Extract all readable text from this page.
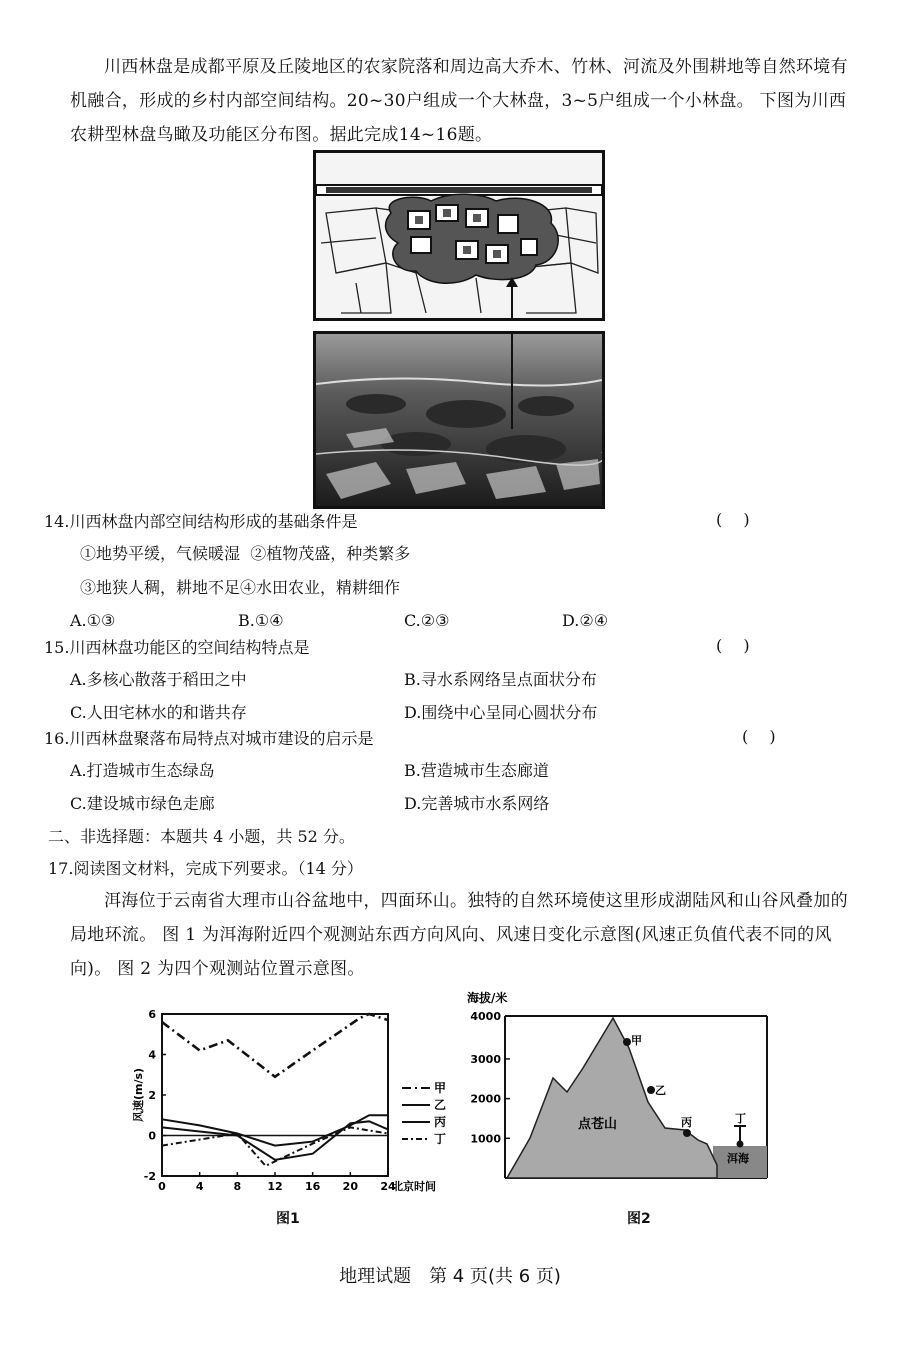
川西林盘是成都平原及丘陵地区的农家院落和周边高大乔木、竹林、河流及外围耕地等自然环境有机融合，形成的乡村内部空间结构。20~30户组成一个大林盘，3~5户组成一个小林盘。 下图为川西农耕型林盘鸟瞰及功能区分布图。据此完成14~16题。

14.川西林盘内部空间结构形成的基础条件是	( )
①地势平缓，气候暖湿 ②植物茂盛，种类繁多
③地狭人稠，耕地不足④水田农业，精耕细作
A.①③	B.①④	C.②③	D.②④
15.川西林盘功能区的空间结构特点是	( )
A.多核心散落于稻田之中	B.寻水系网络呈点面状分布
C.人田宅林水的和谐共存	D.围绕中心呈同心圆状分布
16.川西林盘聚落布局特点对城市建设的启示是	( )
A.打造城市生态绿岛	B.营造城市生态廊道
C.建设城市绿色走廊	D.完善城市水系网络
二、非选择题：本题共 4 小题，共 52 分。
17.阅读图文材料，完成下列要求。（14 分）

洱海位于云南省大理市山谷盆地中，四面环山。独特的自然环境使这里形成湖陆风和山谷风叠加的局地环流。 图 1 为洱海附近四个观测站东西方向风向、风速日变化示意图(风速正负值代表不同的风向)。 图 2 为四个观测站位置示意图。

6
4
2
0
-2
0	4	8 12 16 20 24
北京时间
风速(m/s)	甲
乙
丙
丁
图1
海拔/米
4000
3000
2000
1000
洱海
点苍山
甲
乙
丙	丁
图2
地理试题　第 4 页(共 6 页)
